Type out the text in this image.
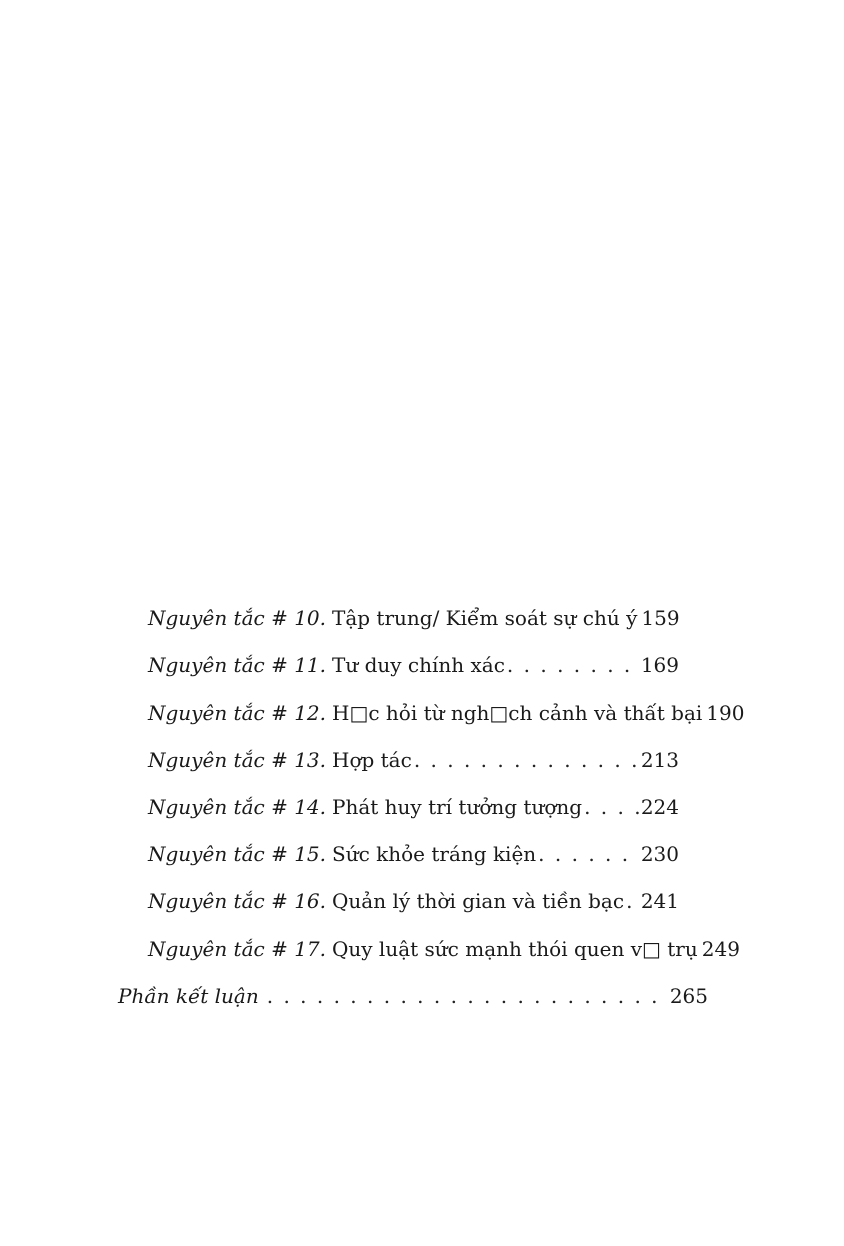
Nguyên tắc # 10. Tập trung/ Kiểm soát sự chú ý 159
Nguyên tắc # 11. Tư duy chính xác . . .	169
Nguyên tắc # 12. H□c hỏi từ ngh□ch cảnh và thất bại 190
Nguyên tắc # 13. Hợp tác . . .	213
Nguyên tắc # 14. Phát huy trí tưởng tượng . . .	224
Nguyên tắc # 15. Sức khỏe tráng kiện . . .	230
Nguyên tắc # 16. Quản lý thời gian và tiền bạc . . . 241
Nguyên tắc # 17. Quy luật sức mạnh thói quen v□ trụ 249
Phần kết luận . . .	265
